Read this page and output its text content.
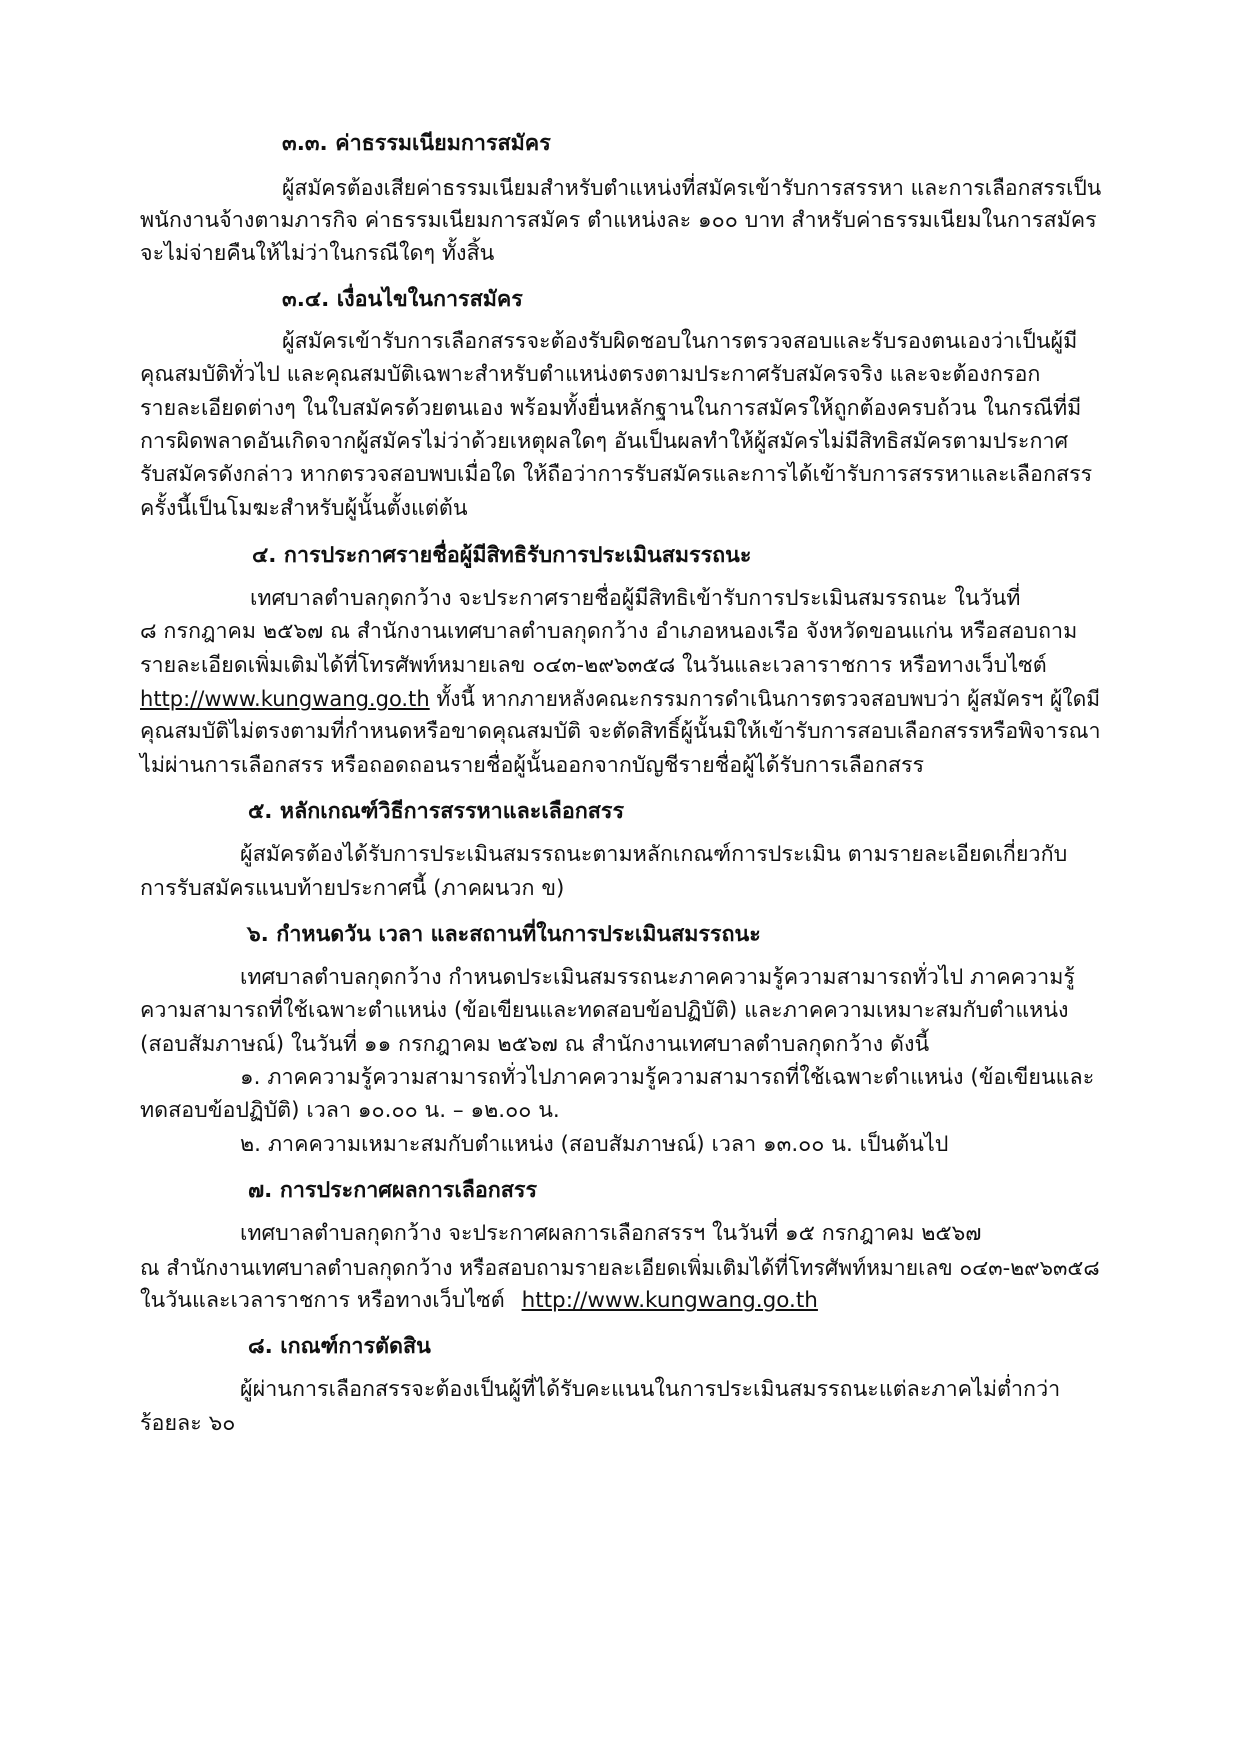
๓.๓. ค่าธรรมเนียมการสมัคร
ผู้สมัครต้องเสียค่าธรรมเนียมสำหรับตำแหน่งที่สมัครเข้ารับการสรรหา และการเลือกสรรเป็น
พนักงานจ้างตามภารกิจ ค่าธรรมเนียมการสมัคร ตำแหน่งละ ๑๐๐ บาท สำหรับค่าธรรมเนียมในการสมัคร
จะไม่จ่ายคืนให้ไม่ว่าในกรณีใดๆ ทั้งสิ้น
๓.๔. เงื่อนไขในการสมัคร
ผู้สมัครเข้ารับการเลือกสรรจะต้องรับผิดชอบในการตรวจสอบและรับรองตนเองว่าเป็นผู้มี
คุณสมบัติทั่วไป และคุณสมบัติเฉพาะสำหรับตำแหน่งตรงตามประกาศรับสมัครจริง และจะต้องกรอก
รายละเอียดต่างๆ ในใบสมัครด้วยตนเอง พร้อมทั้งยื่นหลักฐานในการสมัครให้ถูกต้องครบถ้วน ในกรณีที่มี
การผิดพลาดอันเกิดจากผู้สมัครไม่ว่าด้วยเหตุผลใดๆ อันเป็นผลทำให้ผู้สมัครไม่มีสิทธิสมัครตามประกาศ
รับสมัครดังกล่าว หากตรวจสอบพบเมื่อใด ให้ถือว่าการรับสมัครและการได้เข้ารับการสรรหาและเลือกสรร
ครั้งนี้เป็นโมฆะสำหรับผู้นั้นตั้งแต่ต้น
๔. การประกาศรายชื่อผู้มีสิทธิรับการประเมินสมรรถนะ
เทศบาลตำบลกุดกว้าง จะประกาศรายชื่อผู้มีสิทธิเข้ารับการประเมินสมรรถนะ ในวันที่
๘ กรกฎาคม ๒๕๖๗ ณ สำนักงานเทศบาลตำบลกุดกว้าง อำเภอหนองเรือ จังหวัดขอนแก่น หรือสอบถาม
รายละเอียดเพิ่มเติมได้ที่โทรศัพท์หมายเลข ๐๔๓-๒๙๖๓๕๘ ในวันและเวลาราชการ หรือทางเว็บไซต์
http://www.kungwang.go.th ทั้งนี้ หากภายหลังคณะกรรมการดำเนินการตรวจสอบพบว่า ผู้สมัครฯ ผู้ใดมี
คุณสมบัติไม่ตรงตามที่กำหนดหรือขาดคุณสมบัติ จะตัดสิทธิ์ผู้นั้นมิให้เข้ารับการสอบเลือกสรรหรือพิจารณา
ไม่ผ่านการเลือกสรร หรือถอดถอนรายชื่อผู้นั้นออกจากบัญชีรายชื่อผู้ได้รับการเลือกสรร
๕. หลักเกณฑ์วิธีการสรรหาและเลือกสรร
ผู้สมัครต้องได้รับการประเมินสมรรถนะตามหลักเกณฑ์การประเมิน ตามรายละเอียดเกี่ยวกับ
การรับสมัครแนบท้ายประกาศนี้ (ภาคผนวก ข)
๖. กำหนดวัน เวลา และสถานที่ในการประเมินสมรรถนะ
เทศบาลตำบลกุดกว้าง กำหนดประเมินสมรรถนะภาคความรู้ความสามารถทั่วไป ภาคความรู้
ความสามารถที่ใช้เฉพาะตำแหน่ง (ข้อเขียนและทดสอบข้อปฏิบัติ) และภาคความเหมาะสมกับตำแหน่ง
(สอบสัมภาษณ์) ในวันที่ ๑๑ กรกฎาคม ๒๕๖๗ ณ สำนักงานเทศบาลตำบลกุดกว้าง ดังนี้
๑. ภาคความรู้ความสามารถทั่วไปภาคความรู้ความสามารถที่ใช้เฉพาะตำแหน่ง (ข้อเขียนและ
ทดสอบข้อปฏิบัติ) เวลา ๑๐.๐๐ น. – ๑๒.๐๐ น.
๒. ภาคความเหมาะสมกับตำแหน่ง (สอบสัมภาษณ์) เวลา ๑๓.๐๐ น. เป็นต้นไป
๗. การประกาศผลการเลือกสรร
เทศบาลตำบลกุดกว้าง จะประกาศผลการเลือกสรรฯ ในวันที่ ๑๕ กรกฎาคม ๒๕๖๗
ณ สำนักงานเทศบาลตำบลกุดกว้าง หรือสอบถามรายละเอียดเพิ่มเติมได้ที่โทรศัพท์หมายเลข ๐๔๓-๒๙๖๓๕๘
ในวันและเวลาราชการ หรือทางเว็บไซต์ http://www.kungwang.go.th
๘. เกณฑ์การตัดสิน
ผู้ผ่านการเลือกสรรจะต้องเป็นผู้ที่ได้รับคะแนนในการประเมินสมรรถนะแต่ละภาคไม่ต่ำกว่า
ร้อยละ ๖๐
